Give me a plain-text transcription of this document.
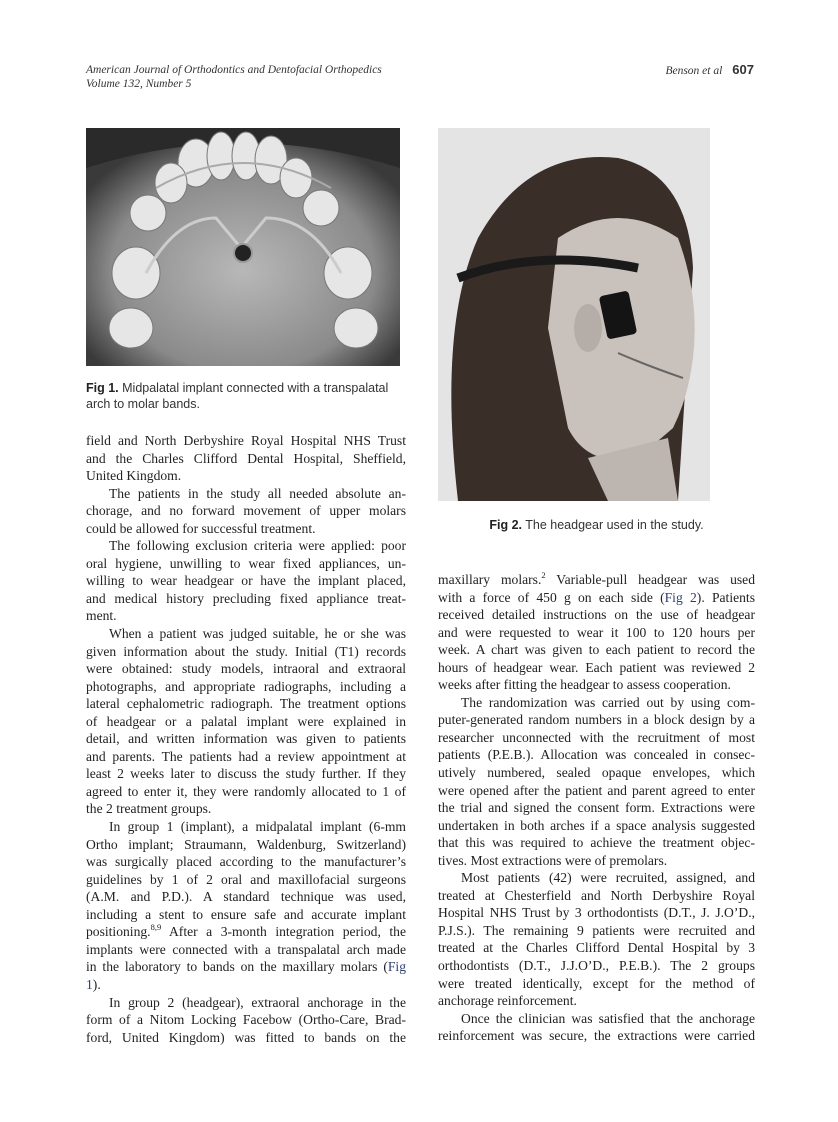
American Journal of Orthodontics and Dentofacial Orthopedics
Volume 132, Number 5
Benson et al 607
Fig 1. Midpalatal implant connected with a transpalatal arch to molar bands.
Fig 2. The headgear used in the study.
field and North Derbyshire Royal Hospital NHS Trust
and the Charles Clifford Dental Hospital, Sheffield,
United Kingdom.
The patients in the study all needed absolute an-
chorage, and no forward movement of upper molars
could be allowed for successful treatment.
The following exclusion criteria were applied: poor
oral hygiene, unwilling to wear fixed appliances, un-
willing to wear headgear or have the implant placed,
and medical history precluding fixed appliance treat-
ment.
When a patient was judged suitable, he or she was
given information about the study. Initial (T1) records
were obtained: study models, intraoral and extraoral
photographs, and appropriate radiographs, including a
lateral cephalometric radiograph. The treatment options
of headgear or a palatal implant were explained in
detail, and written information was given to patients
and parents. The patients had a review appointment at
least 2 weeks later to discuss the study further. If they
agreed to enter it, they were randomly allocated to 1 of
the 2 treatment groups.
In group 1 (implant), a midpalatal implant (6-mm
Ortho implant; Straumann, Waldenburg, Switzerland)
was surgically placed according to the manufacturer’s
guidelines by 1 of 2 oral and maxillofacial surgeons
(A.M. and P.D.). A standard technique was used,
including a stent to ensure safe and accurate implant
positioning.$^{8,9}$ After a 3-month integration period, the
implants were connected with a transpalatal arch made
in the laboratory to bands on the maxillary molars (Fig
1).
In group 2 (headgear), extraoral anchorage in the
form of a Nitom Locking Facebow (Ortho-Care, Brad-
ford, United Kingdom) was fitted to bands on the
maxillary molars.$^2$ Variable-pull headgear was used
with a force of 450 g on each side (Fig 2). Patients
received detailed instructions on the use of headgear
and were requested to wear it 100 to 120 hours per
week. A chart was given to each patient to record the
hours of headgear wear. Each patient was reviewed 2
weeks after fitting the headgear to assess cooperation.
The randomization was carried out by using com-
puter-generated random numbers in a block design by a
researcher unconnected with the recruitment of most
patients (P.E.B.). Allocation was concealed in consec-
utively numbered, sealed opaque envelopes, which
were opened after the patient and parent agreed to enter
the trial and signed the consent form. Extractions were
undertaken in both arches if a space analysis suggested
that this was required to achieve the treatment objec-
tives. Most extractions were of premolars.
Most patients (42) were recruited, assigned, and
treated at Chesterfield and North Derbyshire Royal
Hospital NHS Trust by 3 orthodontists (D.T., J. J.O’D.,
P.J.S.). The remaining 9 patients were recruited and
treated at the Charles Clifford Dental Hospital by 3
orthodontists (D.T., J.J.O’D., P.E.B.). The 2 groups
were treated identically, except for the method of
anchorage reinforcement.
Once the clinician was satisfied that the anchorage
reinforcement was secure, the extractions were carried
